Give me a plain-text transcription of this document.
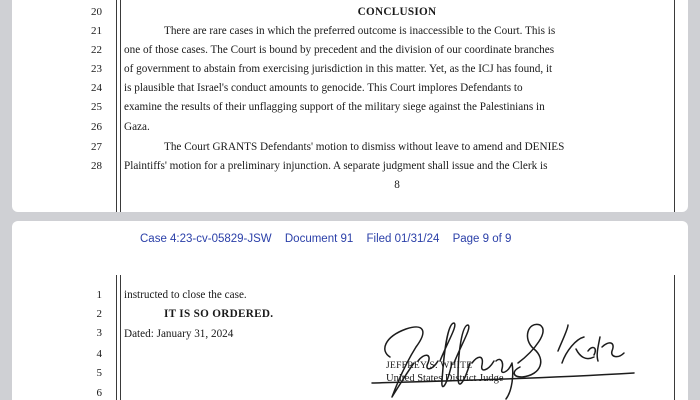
20
21
22
23
24
25
26
27
28
CONCLUSION
There are rare cases in which the preferred outcome is inaccessible to the Court. This is
one of those cases. The Court is bound by precedent and the division of our coordinate branches
of government to abstain from exercising jurisdiction in this matter. Yet, as the ICJ has found, it
is plausible that Israel's conduct amounts to genocide. This Court implores Defendants to
examine the results of their unflagging support of the military siege against the Palestinians in
Gaza.
The Court GRANTS Defendants' motion to dismiss without leave to amend and DENIES
Plaintiffs' motion for a preliminary injunction. A separate judgment shall issue and the Clerk is
8
Case 4:23-cv-05829-JSW Document 91 Filed 01/31/24 Page 9 of 9
1
2
3
4
5
6
instructed to close the case.
IT IS SO ORDERED.
Dated: January 31, 2024
JEFFREY S. WHITE
United States District Judge
